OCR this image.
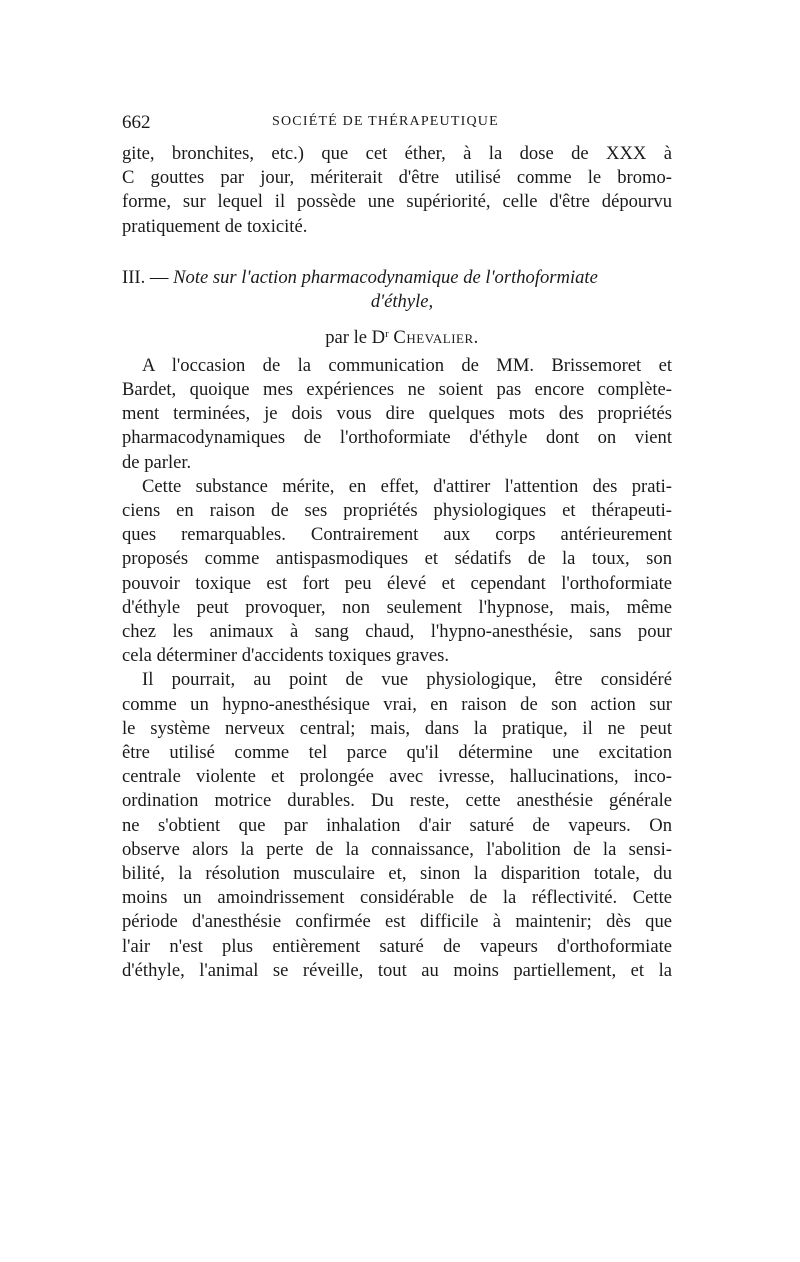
662	SOCIÉTÉ DE THÉRAPEUTIQUE

gite, bronchites, etc.) que cet éther, à la dose de XXX à
C gouttes par jour, mériterait d'être utilisé comme le bromo-
forme, sur lequel il possède une supériorité, celle d'être dépourvu
pratiquement de toxicité.

III. — Note sur l'action pharmacodynamique de l'orthoformiate
d'éthyle,
par le $D^r$ Chevalier.

A l'occasion de la communication de MM. Brissemoret et
Bardet, quoique mes expériences ne soient pas encore complète-
ment terminées, je dois vous dire quelques mots des propriétés
pharmacodynamiques de l'orthoformiate d'éthyle dont on vient
de parler.

Cette substance mérite, en effet, d'attirer l'attention des prati-
ciens en raison de ses propriétés physiologiques et thérapeuti-
ques remarquables. Contrairement aux corps antérieurement
proposés comme antispasmodiques et sédatifs de la toux, son
pouvoir toxique est fort peu élevé et cependant l'orthoformiate
d'éthyle peut provoquer, non seulement l'hypnose, mais, même
chez les animaux à sang chaud, l'hypno-anesthésie, sans pour
cela déterminer d'accidents toxiques graves.

Il pourrait, au point de vue physiologique, être considéré
comme un hypno-anesthésique vrai, en raison de son action sur
le système nerveux central; mais, dans la pratique, il ne peut
être utilisé comme tel parce qu'il détermine une excitation
centrale violente et prolongée avec ivresse, hallucinations, inco-
ordination motrice durables. Du reste, cette anesthésie générale
ne s'obtient que par inhalation d'air saturé de vapeurs. On
observe alors la perte de la connaissance, l'abolition de la sensi-
bilité, la résolution musculaire et, sinon la disparition totale, du
moins un amoindrissement considérable de la réflectivité. Cette
période d'anesthésie confirmée est difficile à maintenir; dès que
l'air n'est plus entièrement saturé de vapeurs d'orthoformiate
d'éthyle, l'animal se réveille, tout au moins partiellement, et la
